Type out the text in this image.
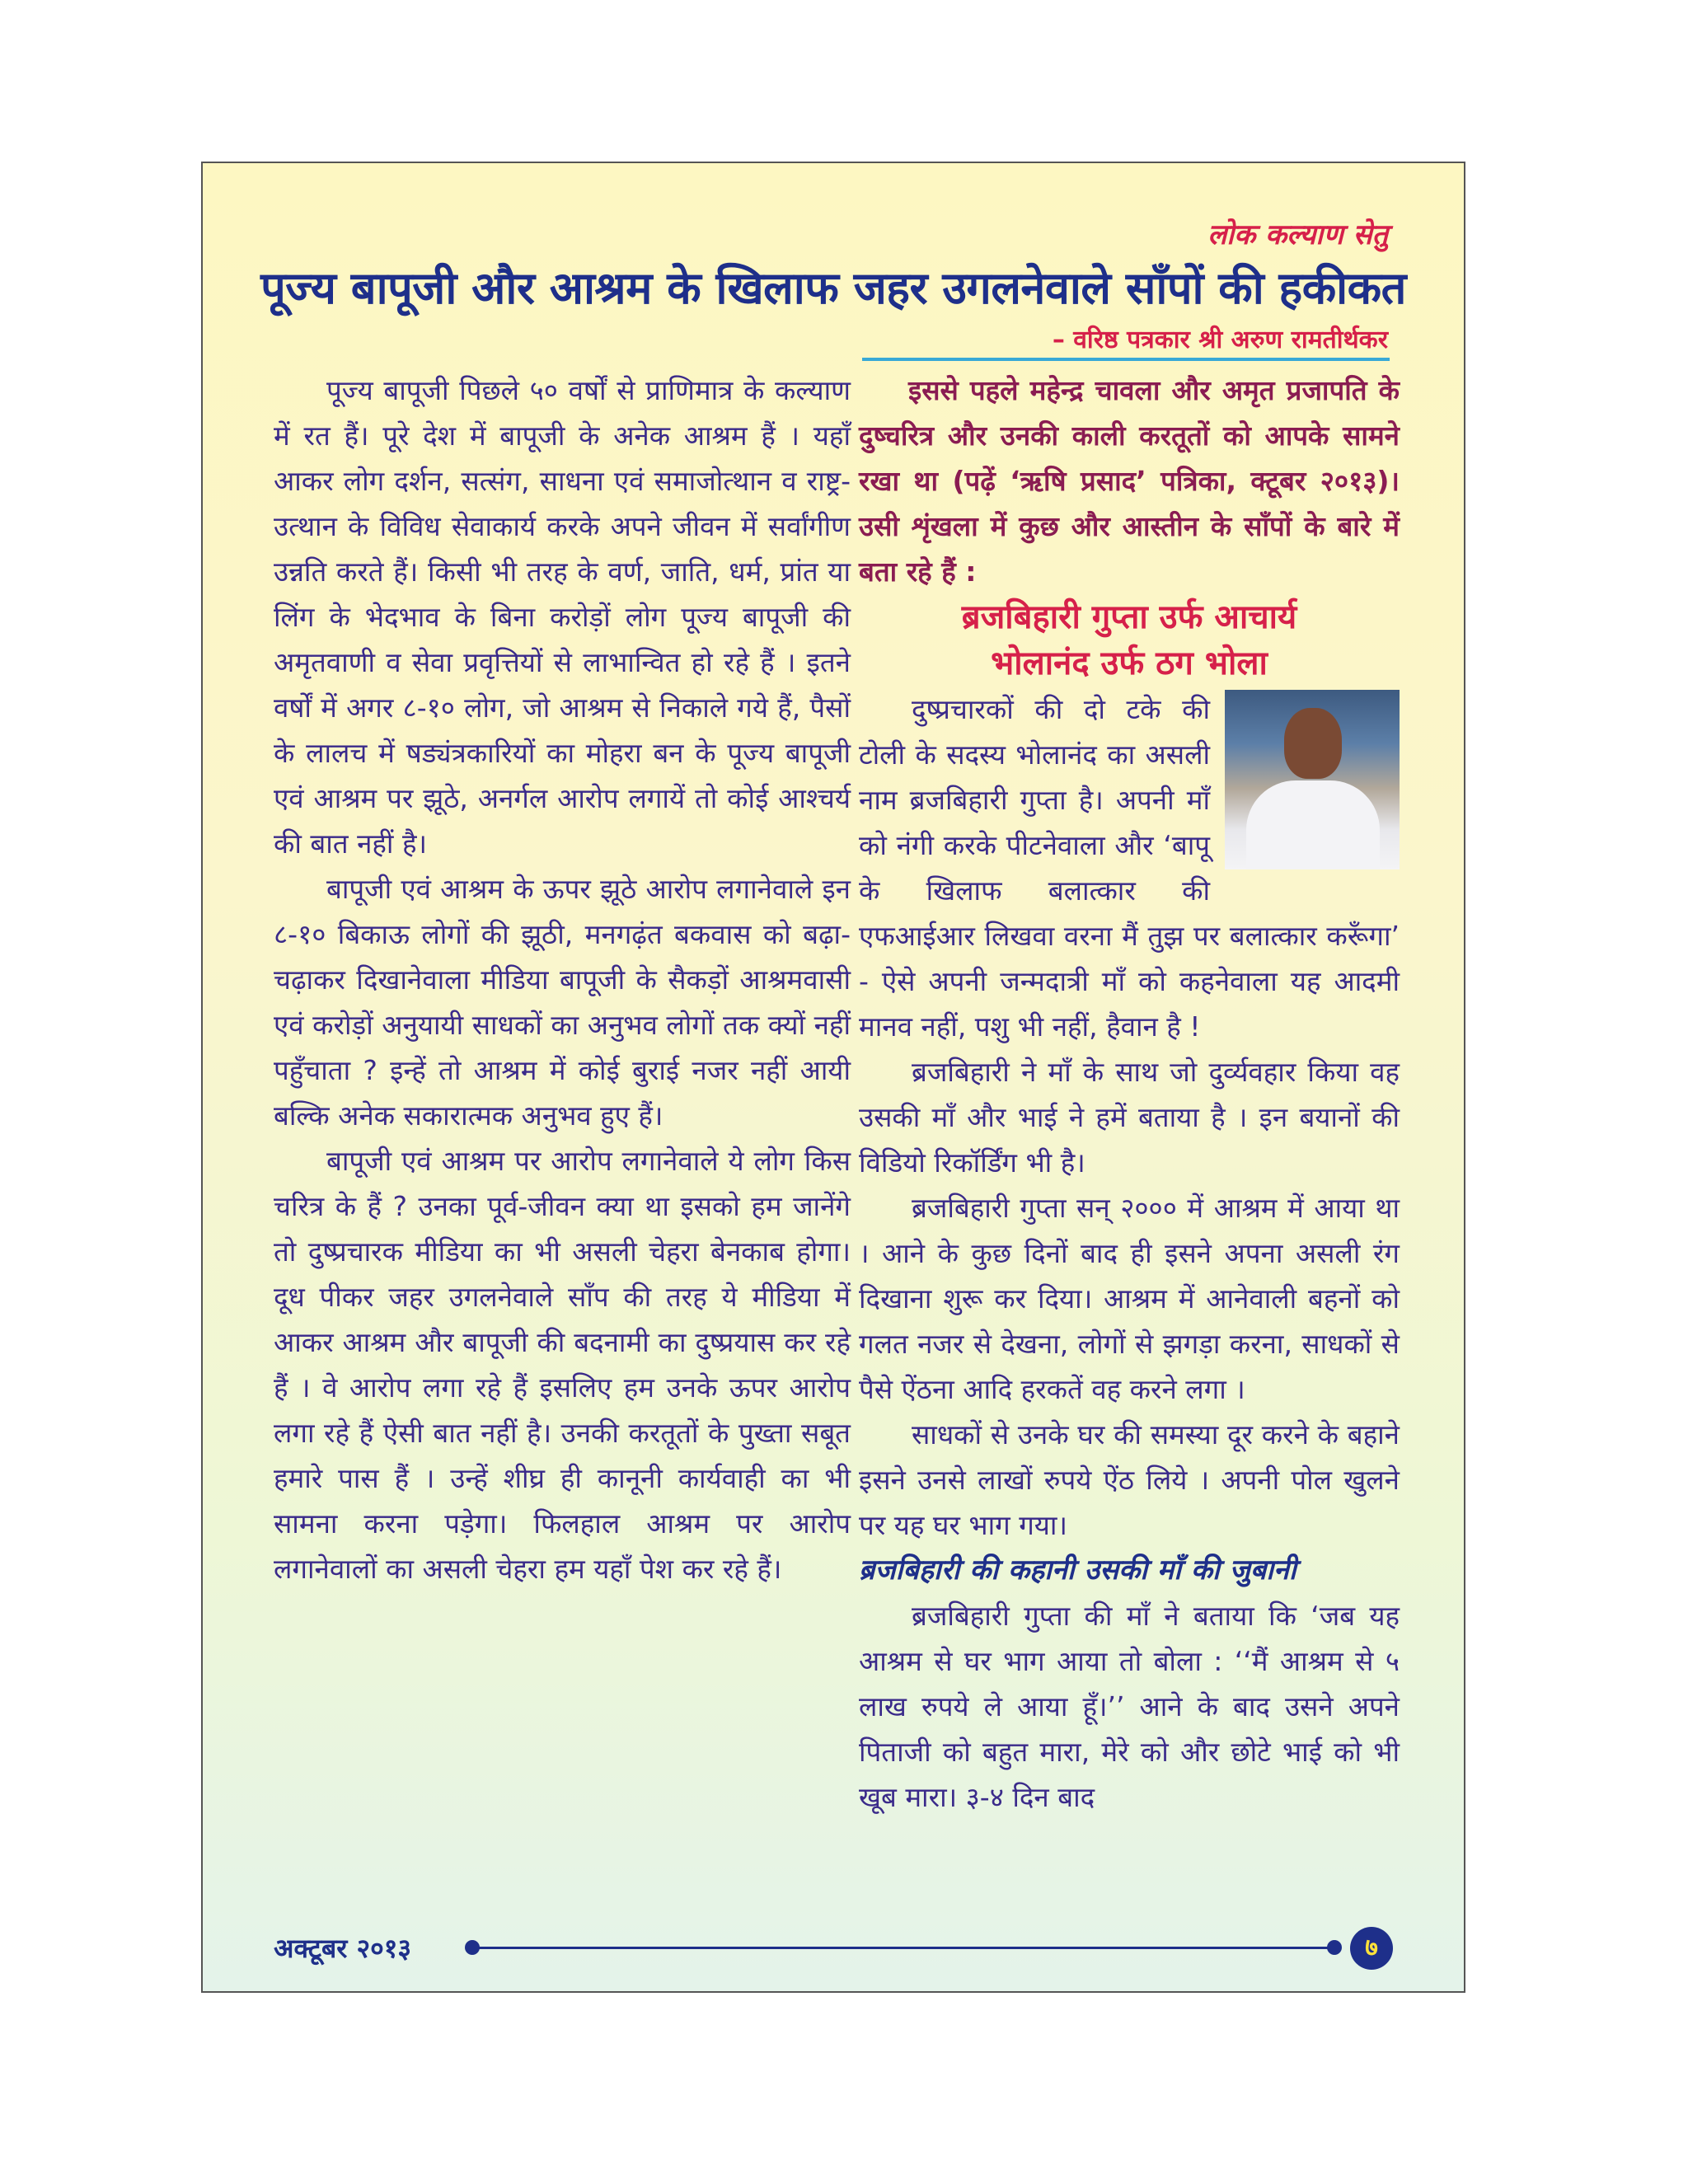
लोक कल्याण सेतु
पूज्य बापूजी और आश्रम के खिलाफ जहर उगलनेवाले साँपों की हकीकत
– वरिष्ठ पत्रकार श्री अरुण रामतीर्थकर

पूज्य बापूजी पिछले ५० वर्षों से प्राणिमात्र के कल्याण में रत हैं। पूरे देश में बापूजी के अनेक आश्रम हैं । यहाँ आकर लोग दर्शन, सत्संग, साधना एवं समाजोत्थान व राष्ट्र-उत्थान के विविध सेवाकार्य करके अपने जीवन में सर्वांगीण उन्नति करते हैं। किसी भी तरह के वर्ण, जाति, धर्म, प्रांत या लिंग के भेदभाव के बिना करोड़ों लोग पूज्य बापूजी की अमृतवाणी व सेवा प्रवृत्तियों से लाभान्वित हो रहे हैं । इतने वर्षों में अगर ८-१० लोग, जो आश्रम से निकाले गये हैं, पैसों के लालच में षड्यंत्रकारियों का मोहरा बन के पूज्य बापूजी एवं आश्रम पर झूठे, अनर्गल आरोप लगायें तो कोई आश्चर्य की बात नहीं है।

बापूजी एवं आश्रम के ऊपर झूठे आरोप लगानेवाले इन ८-१० बिकाऊ लोगों की झूठी, मनगढ़ंत बकवास को बढ़ा-चढ़ाकर दिखानेवाला मीडिया बापूजी के सैकड़ों आश्रमवासी एवं करोड़ों अनुयायी साधकों का अनुभव लोगों तक क्यों नहीं पहुँचाता ? इन्हें तो आश्रम में कोई बुराई नजर नहीं आयी बल्कि अनेक सकारात्मक अनुभव हुए हैं।

बापूजी एवं आश्रम पर आरोप लगानेवाले ये लोग किस चरित्र के हैं ? उनका पूर्व-जीवन क्या था इसको हम जानेंगे तो दुष्प्रचारक मीडिया का भी असली चेहरा बेनकाब होगा। दूध पीकर जहर उगलनेवाले साँप की तरह ये मीडिया में आकर आश्रम और बापूजी की बदनामी का दुष्प्रयास कर रहे हैं । वे आरोप लगा रहे हैं इसलिए हम उनके ऊपर आरोप लगा रहे हैं ऐसी बात नहीं है। उनकी करतूतों के पुख्ता सबूत हमारे पास हैं । उन्हें शीघ्र ही कानूनी कार्यवाही का भी सामना करना पड़ेगा। फिलहाल आश्रम पर आरोप लगानेवालों का असली चेहरा हम यहाँ पेश कर रहे हैं।

इससे पहले महेन्द्र चावला और अमृत प्रजापति के दुष्चरित्र और उनकी काली करतूतों को आपके सामने रखा था (पढ़ें ‘ऋषि प्रसाद’ पत्रिका, क्टूबर २०१३)। उसी शृंखला में कुछ और आस्तीन के साँपों के बारे में बता रहे हैं :

ब्रजबिहारी गुप्ता उर्फ आचार्य
भोलानंद उर्फ ठग भोला

दुष्प्रचारकों की दो टके की टोली के सदस्य भोलानंद का असली नाम ब्रजबिहारी गुप्ता है। अपनी माँ को नंगी करके पीटनेवाला और ‘बापू के खिलाफ बलात्कार की एफआईआर लिखवा वरना मैं तुझ पर बलात्कार करूँगा’ - ऐसे अपनी जन्मदात्री माँ को कहनेवाला यह आदमी मानव नहीं, पशु भी नहीं, हैवान है !

ब्रजबिहारी ने माँ के साथ जो दुर्व्यवहार किया वह उसकी माँ और भाई ने हमें बताया है । इन बयानों की विडियो रिकॉर्डिंग भी है।

ब्रजबिहारी गुप्ता सन् २००० में आश्रम में आया था । आने के कुछ दिनों बाद ही इसने अपना असली रंग दिखाना शुरू कर दिया। आश्रम में आनेवाली बहनों को गलत नजर से देखना, लोगों से झगड़ा करना, साधकों से पैसे ऐंठना आदि हरकतें वह करने लगा ।

साधकों से उनके घर की समस्या दूर करने के बहाने इसने उनसे लाखों रुपये ऐंठ लिये । अपनी पोल खुलने पर यह घर भाग गया।

ब्रजबिहारी की कहानी उसकी माँ की जुबानी

ब्रजबिहारी गुप्ता की माँ ने बताया कि ‘जब यह आश्रम से घर भाग आया तो बोला : ‘‘मैं आश्रम से ५ लाख रुपये ले आया हूँ।’’ आने के बाद उसने अपने पिताजी को बहुत मारा, मेरे को और छोटे भाई को भी खूब मारा। ३-४ दिन बाद

अक्टूबर २०१३	७
